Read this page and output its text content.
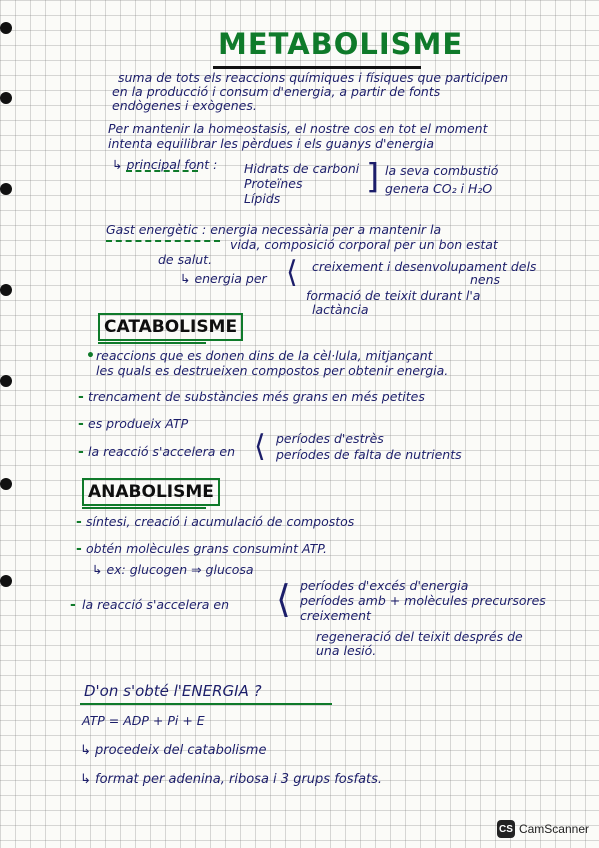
METABOLISME
suma de tots els reaccions químiques i físiques que participen
en la producció i consum d'energia, a partir de fonts
endògenes i exògenes.
Per mantenir la homeostasis, el nostre cos en tot el moment
intenta equilibrar les pèrdues i els guanys d'energia
↳ principal font : Hidrats de carboni
Proteïnes
Lípids
] la seva combustió
genera CO₂ i H₂O
Gast energètic : energia necessària per a mantenir la
vida, composició corporal per un bon estat
de salut.
↳ energia per ⟨ creixement i desenvolupament dels
nens
formació de teixit durant l'a
lactància
CATABOLISME
• reaccions que es donen dins de la cèl·lula, mitjançant
les quals es destrueixen compostos per obtenir energia.
- trencament de substàncies més grans en més petites
- es produeix ATP
- la reacció s'accelera en ⟨ períodes d'estrès
períodes de falta de nutrients
ANABOLISME
- síntesi, creació i acumulació de compostos
- obtén molècules grans consumint ATP.
↳ ex: glucogen ⇒ glucosa
- la reacció s'accelera en ⟨ períodes d'excés d'energia
períodes amb + molècules precursores
creixement
regeneració del teixit després de
una lesió.
D'on s'obté l'ENERGIA ?
ATP = ADP + Pi + E
↳ procedeix del catabolisme
↳ format per adenina, ribosa i 3 grups fosfats.
CS CamScanner
